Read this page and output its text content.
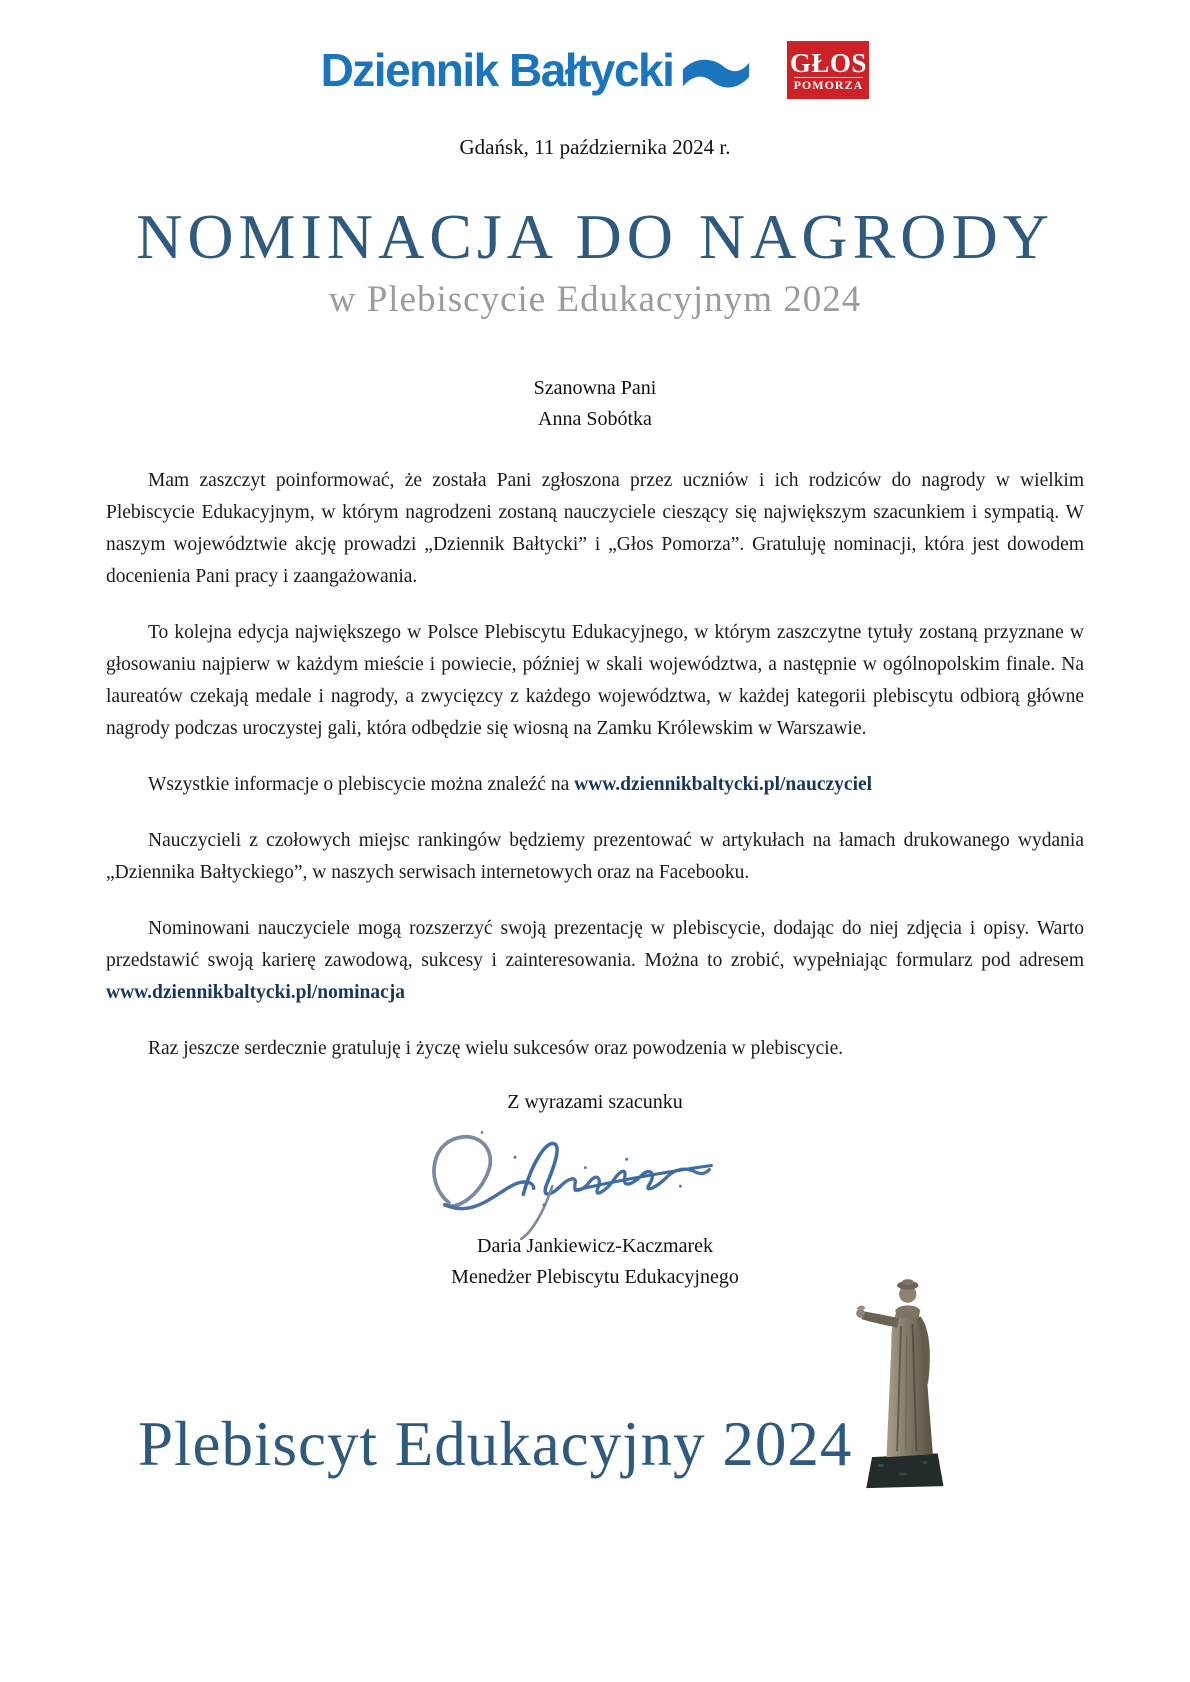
Dziennik Bałtycki	GŁOS
POMORZA
Gdańsk, 11 października 2024 r.
NOMINACJA DO NAGRODY
w Plebiscycie Edukacyjnym 2024
Szanowna Pani
Anna Sobótka

Mam zaszczyt poinformować, że została Pani zgłoszona przez uczniów i ich rodziców do nagrody w wielkim Plebiscycie Edukacyjnym, w którym nagrodzeni zostaną nauczyciele cieszący się największym szacunkiem i sympatią. W naszym województwie akcję prowadzi „Dziennik Bałtycki” i „Głos Pomorza”. Gratuluję nominacji, która jest dowodem docenienia Pani pracy i zaangażowania.

To kolejna edycja największego w Polsce Plebiscytu Edukacyjnego, w którym zaszczytne tytuły zostaną przyznane w głosowaniu najpierw w każdym mieście i powiecie, później w skali województwa, a następnie w ogólnopolskim finale. Na laureatów czekają medale i nagrody, a zwycięzcy z każdego województwa, w każdej kategorii plebiscytu odbiorą główne nagrody podczas uroczystej gali, która odbędzie się wiosną na Zamku Królewskim w Warszawie.

Wszystkie informacje o plebiscycie można znaleźć na www.dziennikbaltycki.pl/nauczyciel

Nauczycieli z czołowych miejsc rankingów będziemy prezentować w artykułach na łamach drukowanego wydania „Dziennika Bałtyckiego”, w naszych serwisach internetowych oraz na Facebooku.

Nominowani nauczyciele mogą rozszerzyć swoją prezentację w plebiscycie, dodając do niej zdjęcia i opisy. Warto przedstawić swoją karierę zawodową, sukcesy i zainteresowania. Można to zrobić, wypełniając formularz pod adresem www.dziennikbaltycki.pl/nominacja

Raz jeszcze serdecznie gratuluję i życzę wielu sukcesów oraz powodzenia w plebiscycie.

Z wyrazami szacunku
Daria Jankiewicz-Kaczmarek
Menedżer Plebiscytu Edukacyjnego
Plebiscyt Edukacyjny 2024
